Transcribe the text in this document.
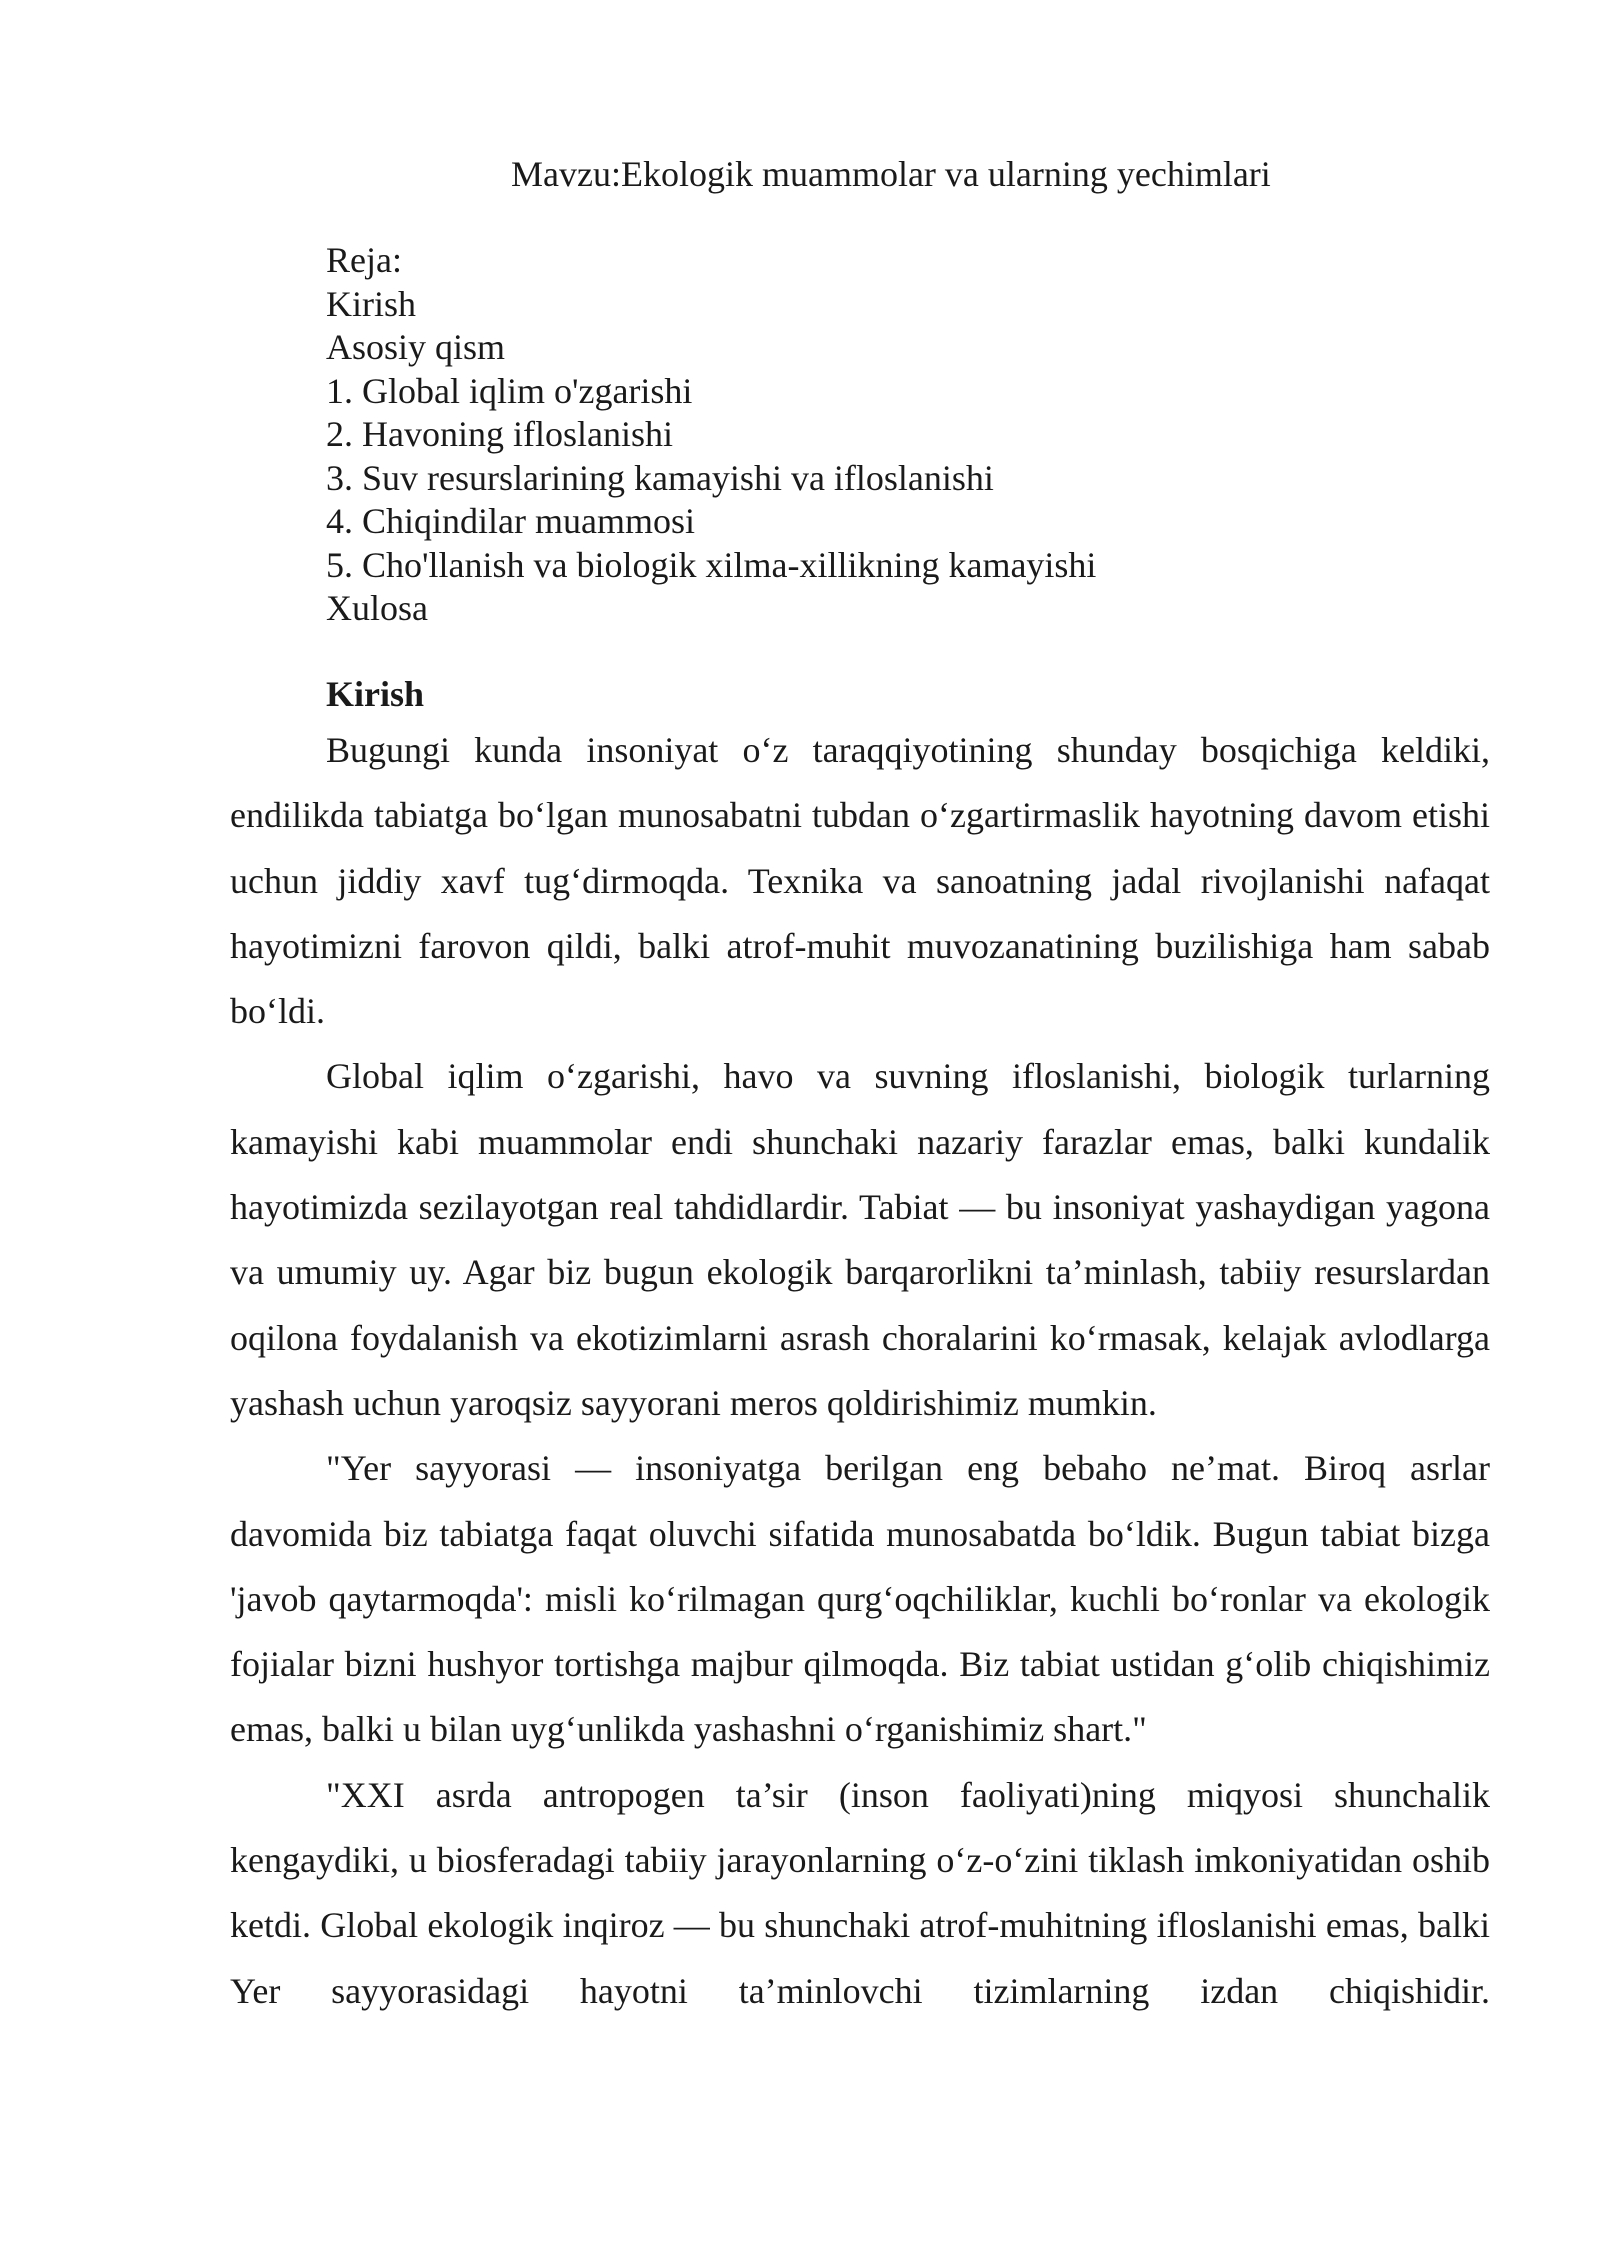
Mavzu:Ekologik muammolar va ularning yechimlari
Reja:
Kirish
Asosiy qism
1. Global iqlim o'zgarishi
2. Havoning ifloslanishi
3. Suv resurslarining kamayishi va ifloslanishi
4. Chiqindilar muammosi
5. Cho'llanish va biologik xilma-xillikning kamayishi
Xulosa
Kirish

Bugungi kunda insoniyat o‘z taraqqiyotining shunday bosqichiga keldiki, endilikda tabiatga bo‘lgan munosabatni tubdan o‘zgartirmaslik hayotning davom etishi uchun jiddiy xavf tug‘dirmoqda. Texnika va sanoatning jadal rivojlanishi nafaqat hayotimizni farovon qildi, balki atrof-muhit muvozanatining buzilishiga ham sabab bo‘ldi.

Global iqlim o‘zgarishi, havo va suvning ifloslanishi, biologik turlarning kamayishi kabi muammolar endi shunchaki nazariy farazlar emas, balki kundalik hayotimizda sezilayotgan real tahdidlardir. Tabiat — bu insoniyat yashaydigan yagona va umumiy uy. Agar biz bugun ekologik barqarorlikni ta’minlash, tabiiy resurslardan oqilona foydalanish va ekotizimlarni asrash choralarini ko‘rmasak, kelajak avlodlarga yashash uchun yaroqsiz sayyorani meros qoldirishimiz mumkin.

"Yer sayyorasi — insoniyatga berilgan eng bebaho ne’mat. Biroq asrlar davomida biz tabiatga faqat oluvchi sifatida munosabatda bo‘ldik. Bugun tabiat bizga 'javob qaytarmoqda': misli ko‘rilmagan qurg‘oqchiliklar, kuchli bo‘ronlar va ekologik fojialar bizni hushyor tortishga majbur qilmoqda. Biz tabiat ustidan g‘olib chiqishimiz emas, balki u bilan uyg‘unlikda yashashni o‘rganishimiz shart."

"XXI asrda antropogen ta’sir (inson faoliyati)ning miqyosi shunchalik kengaydiki, u biosferadagi tabiiy jarayonlarning o‘z-o‘zini tiklash imkoniyatidan oshib ketdi. Global ekologik inqiroz — bu shunchaki atrof-muhitning ifloslanishi emas, balki Yer sayyorasidagi hayotni ta’minlovchi tizimlarning izdan chiqishidir.
